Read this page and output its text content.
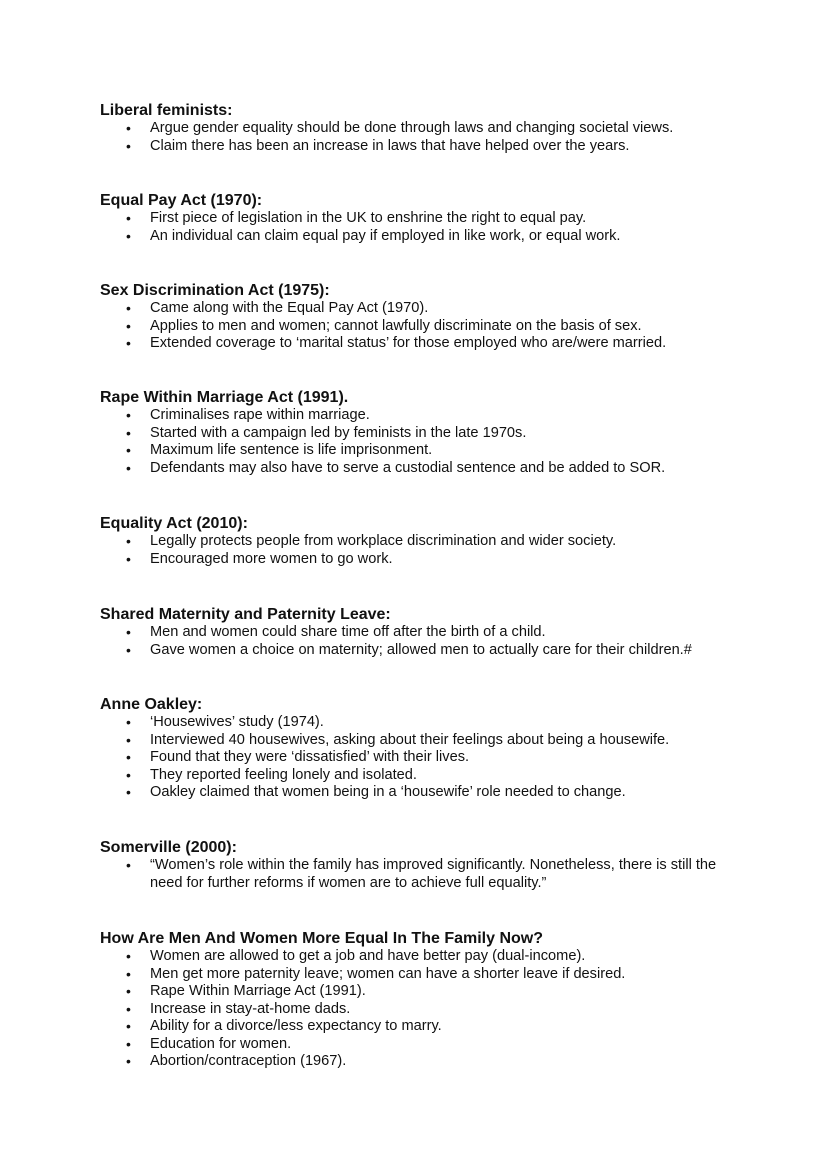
Liberal feminists:
• Argue gender equality should be done through laws and changing societal views.
• Claim there has been an increase in laws that have helped over the years.
Equal Pay Act (1970):
• First piece of legislation in the UK to enshrine the right to equal pay.
• An individual can claim equal pay if employed in like work, or equal work.
Sex Discrimination Act (1975):
• Came along with the Equal Pay Act (1970).
• Applies to men and women; cannot lawfully discriminate on the basis of sex.
• Extended coverage to ‘marital status’ for those employed who are/were married.
Rape Within Marriage Act (1991).
• Criminalises rape within marriage.
• Started with a campaign led by feminists in the late 1970s.
• Maximum life sentence is life imprisonment.
• Defendants may also have to serve a custodial sentence and be added to SOR.
Equality Act (2010):
• Legally protects people from workplace discrimination and wider society.
• Encouraged more women to go work.
Shared Maternity and Paternity Leave:
• Men and women could share time off after the birth of a child.
• Gave women a choice on maternity; allowed men to actually care for their children.#
Anne Oakley:
• ‘Housewives’ study (1974).
• Interviewed 40 housewives, asking about their feelings about being a housewife.
• Found that they were ‘dissatisfied’ with their lives.
• They reported feeling lonely and isolated.
• Oakley claimed that women being in a ‘housewife’ role needed to change.
Somerville (2000):
• “Women’s role within the family has improved significantly. Nonetheless, there is still the need for further reforms if women are to achieve full equality.”
How Are Men And Women More Equal In The Family Now?
• Women are allowed to get a job and have better pay (dual-income).
• Men get more paternity leave; women can have a shorter leave if desired.
• Rape Within Marriage Act (1991).
• Increase in stay-at-home dads.
• Ability for a divorce/less expectancy to marry.
• Education for women.
• Abortion/contraception (1967).
